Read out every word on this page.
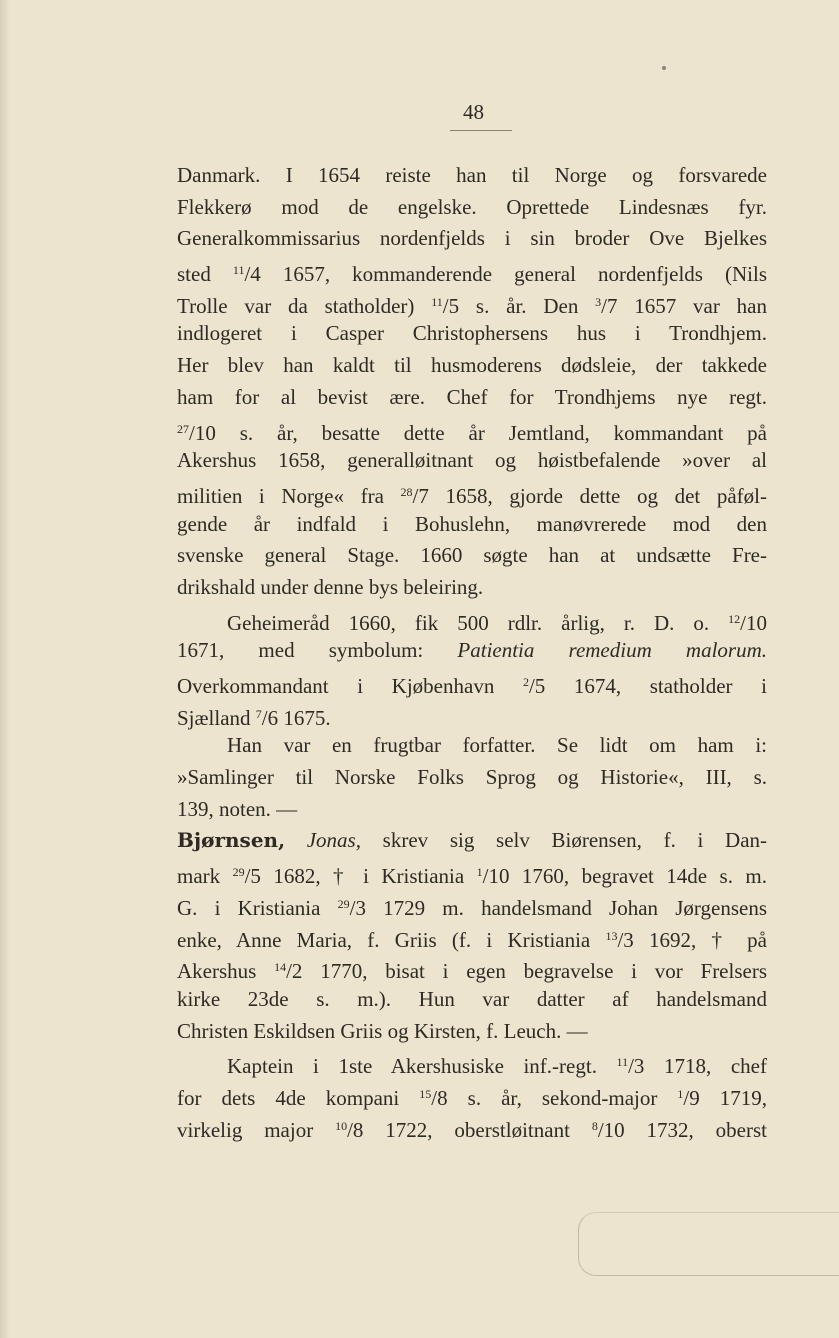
48
Danmark. I 1654 reiste han til Norge og forsvarede
Flekkerø mod de engelske. Oprettede Lindesnæs fyr.
Generalkommissarius nordenfjelds i sin broder Ove Bjelkes
sted $^{11}$/4 1657, kommanderende general nordenfjelds (Nils
Trolle var da statholder) $^{11}$/5 s. år. Den $^3$/7 1657 var han
indlogeret i Casper Christophersens hus i Trondhjem.
Her blev han kaldt til husmoderens dødsleie, der takkede
ham for al bevist ære. Chef for Trondhjems nye regt.
$^{27}$/10 s. år, besatte dette år Jemtland, kommandant på
Akershus 1658, generalløitnant og høistbefalende »over al
militien i Norge« fra $^{28}$/7 1658, gjorde dette og det påføl-
gende år indfald i Bohuslehn, manøvrerede mod den
svenske general Stage. 1660 søgte han at undsætte Fre-
drikshald under denne bys beleiring.
Geheimeråd 1660, fik 500 rdlr. årlig, r. D. o. $^{12}$/10
1671, med symbolum: Patientia remedium malorum.
Overkommandant i Kjøbenhavn $^2$/5 1674, statholder i
Sjælland $^7$/6 1675.
Han var en frugtbar forfatter. Se lidt om ham i:
»Samlinger til Norske Folks Sprog og Historie«, III, s.
139, noten. —
Bjørnsen, Jonas, skrev sig selv Biørensen, f. i Dan-
mark $^{29}$/5 1682, † i Kristiania $^1$/10 1760, begravet 14de s. m.
G. i Kristiania $^{29}$/3 1729 m. handelsmand Johan Jørgensens
enke, Anne Maria, f. Griis (f. i Kristiania $^{13}$/3 1692, † på
Akershus $^{14}$/2 1770, bisat i egen begravelse i vor Frelsers
kirke 23de s. m.). Hun var datter af handelsmand
Christen Eskildsen Griis og Kirsten, f. Leuch. —
Kaptein i 1ste Akershusiske inf.-regt. $^{11}$/3 1718, chef
for dets 4de kompani $^{15}$/8 s. år, sekond-major $^1$/9 1719,
virkelig major $^{10}$/8 1722, oberstløitnant $^8$/10 1732, oberst
